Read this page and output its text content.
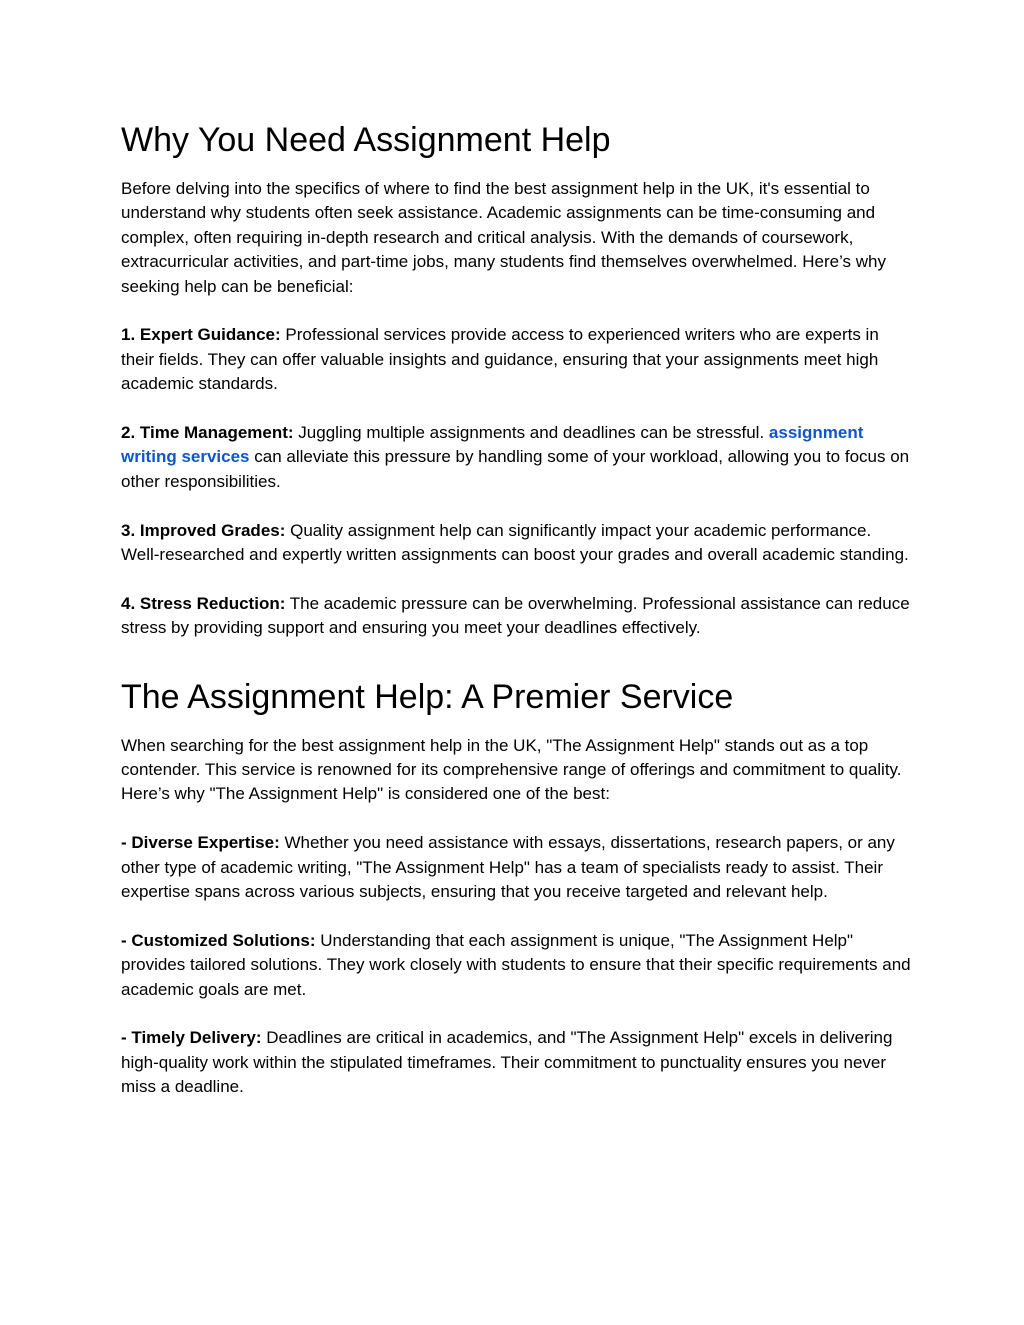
Why You Need Assignment Help

Before delving into the specifics of where to find the best assignment help in the UK, it's essential to understand why students often seek assistance. Academic assignments can be time-consuming and complex, often requiring in-depth research and critical analysis. With the demands of coursework, extracurricular activities, and part-time jobs, many students find themselves overwhelmed. Here’s why seeking help can be beneficial:

1. Expert Guidance: Professional services provide access to experienced writers who are experts in their fields. They can offer valuable insights and guidance, ensuring that your assignments meet high academic standards.

2. Time Management: Juggling multiple assignments and deadlines can be stressful. assignment writing services can alleviate this pressure by handling some of your workload, allowing you to focus on other responsibilities.

3. Improved Grades: Quality assignment help can significantly impact your academic performance. Well-researched and expertly written assignments can boost your grades and overall academic standing.

4. Stress Reduction: The academic pressure can be overwhelming. Professional assistance can reduce stress by providing support and ensuring you meet your deadlines effectively.

The Assignment Help: A Premier Service

When searching for the best assignment help in the UK, "The Assignment Help" stands out as a top contender. This service is renowned for its comprehensive range of offerings and commitment to quality. Here’s why "The Assignment Help" is considered one of the best:

- Diverse Expertise: Whether you need assistance with essays, dissertations, research papers, or any other type of academic writing, "The Assignment Help" has a team of specialists ready to assist. Their expertise spans across various subjects, ensuring that you receive targeted and relevant help.

- Customized Solutions: Understanding that each assignment is unique, "The Assignment Help" provides tailored solutions. They work closely with students to ensure that their specific requirements and academic goals are met.

- Timely Delivery: Deadlines are critical in academics, and "The Assignment Help" excels in delivering high-quality work within the stipulated timeframes. Their commitment to punctuality ensures you never miss a deadline.
